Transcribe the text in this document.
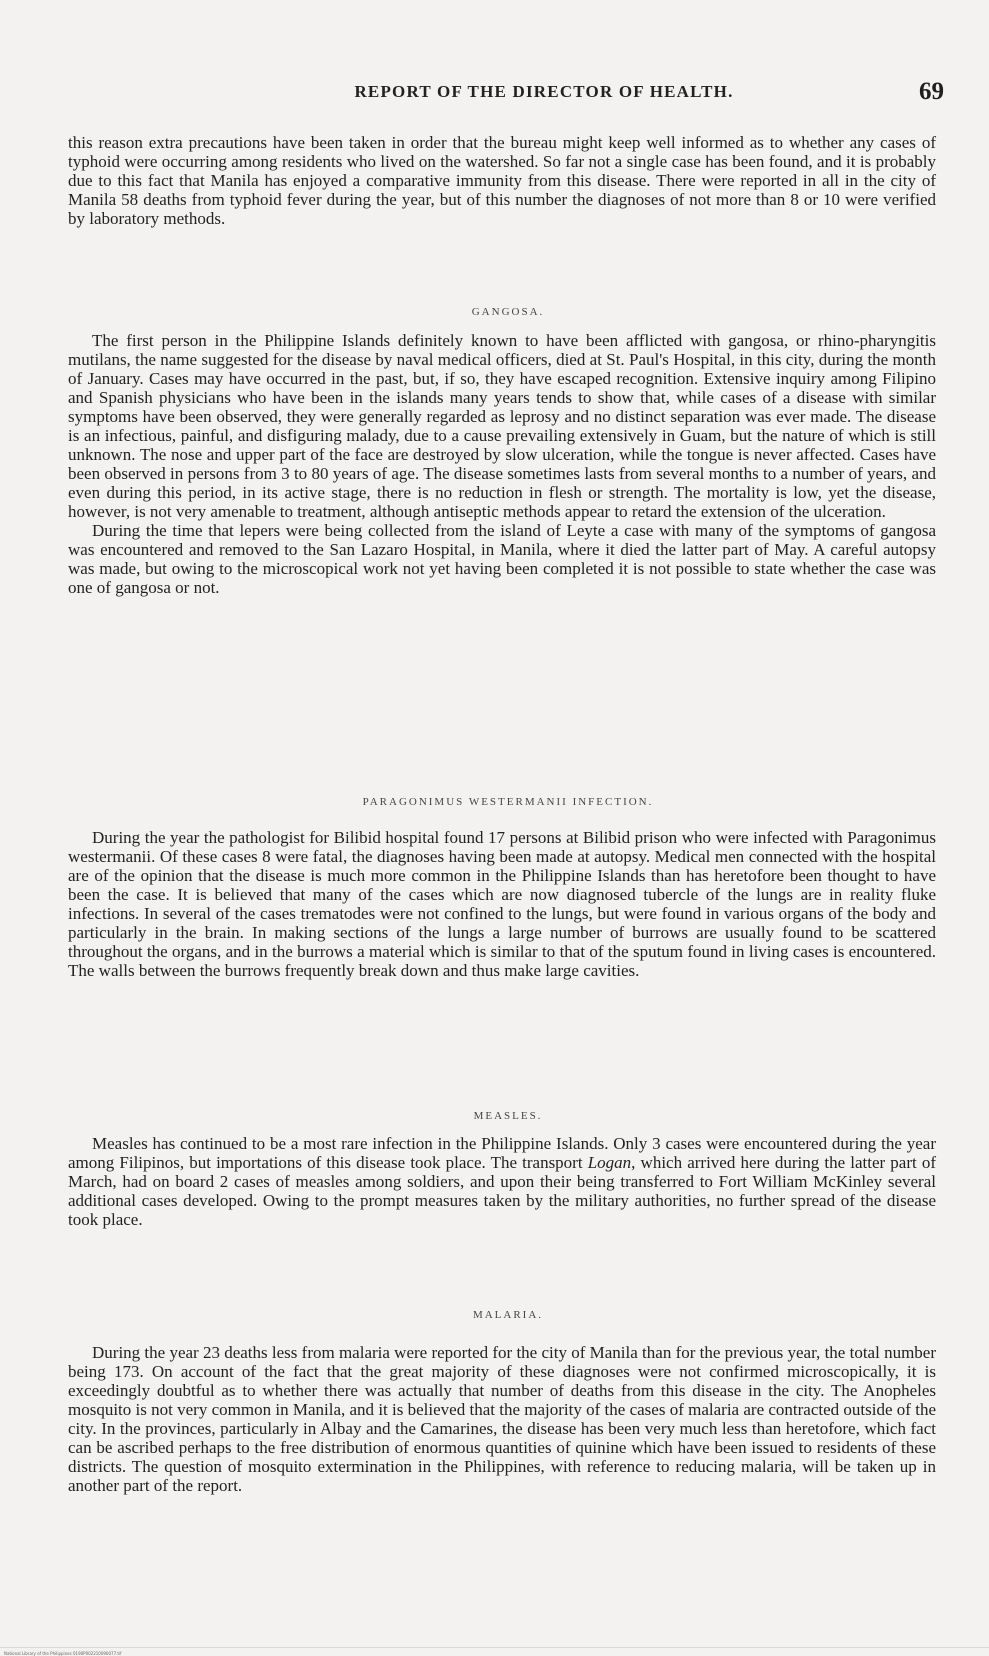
REPORT OF THE DIRECTOR OF HEALTH.	69

this reason extra precautions have been taken in order that the bureau might keep well informed as to whether any cases of typhoid were occurring among residents who lived on the watershed. So far not a single case has been found, and it is probably due to this fact that Manila has enjoyed a comparative immunity from this disease. There were reported in all in the city of Manila 58 deaths from typhoid fever during the year, but of this number the diagnoses of not more than 8 or 10 were verified by laboratory methods.

GANGOSA.

The first person in the Philippine Islands definitely known to have been afflicted with gangosa, or rhino-pharyngitis mutilans, the name suggested for the disease by naval medical officers, died at St. Paul's Hospital, in this city, during the month of January. Cases may have occurred in the past, but, if so, they have escaped recognition. Extensive inquiry among Filipino and Spanish physicians who have been in the islands many years tends to show that, while cases of a disease with similar symptoms have been observed, they were generally regarded as leprosy and no distinct separation was ever made. The disease is an infectious, painful, and disfiguring malady, due to a cause prevailing extensively in Guam, but the nature of which is still unknown. The nose and upper part of the face are destroyed by slow ulceration, while the tongue is never affected. Cases have been observed in persons from 3 to 80 years of age. The disease sometimes lasts from several months to a number of years, and even during this period, in its active stage, there is no reduction in flesh or strength. The mortality is low, yet the disease, however, is not very amenable to treatment, although antiseptic methods appear to retard the extension of the ulceration.

During the time that lepers were being collected from the island of Leyte a case with many of the symptoms of gangosa was encountered and removed to the San Lazaro Hospital, in Manila, where it died the latter part of May. A careful autopsy was made, but owing to the microscopical work not yet having been completed it is not possible to state whether the case was one of gangosa or not.

PARAGONIMUS WESTERMANII INFECTION.

During the year the pathologist for Bilibid hospital found 17 persons at Bilibid prison who were infected with Paragonimus westermanii. Of these cases 8 were fatal, the diagnoses having been made at autopsy. Medical men connected with the hospital are of the opinion that the disease is much more common in the Philippine Islands than has heretofore been thought to have been the case. It is believed that many of the cases which are now diagnosed tubercle of the lungs are in reality fluke infections. In several of the cases trematodes were not confined to the lungs, but were found in various organs of the body and particularly in the brain. In making sections of the lungs a large number of burrows are usually found to be scattered throughout the organs, and in the burrows a material which is similar to that of the sputum found in living cases is encountered. The walls between the burrows frequently break down and thus make large cavities.

MEASLES.

Measles has continued to be a most rare infection in the Philippine Islands. Only 3 cases were encountered during the year among Filipinos, but importations of this disease took place. The transport Logan, which arrived here during the latter part of March, had on board 2 cases of measles among soldiers, and upon their being transferred to Fort William McKinley several additional cases developed. Owing to the prompt measures taken by the military authorities, no further spread of the disease took place.

MALARIA.

During the year 23 deaths less from malaria were reported for the city of Manila than for the previous year, the total number being 173. On account of the fact that the great majority of these diagnoses were not confirmed microscopically, it is exceedingly doubtful as to whether there was actually that number of deaths from this disease in the city. The Anopheles mosquito is not very common in Manila, and it is believed that the majority of the cases of malaria are contracted outside of the city. In the provinces, particularly in Albay and the Camarines, the disease has been very much less than heretofore, which fact can be ascribed perhaps to the free distribution of enormous quantities of quinine which have been issued to residents of these districts. The question of mosquito extermination in the Philippines, with reference to reducing malaria, will be taken up in another part of the report.

National Library of the Philippines 0190P002210090077.tif
